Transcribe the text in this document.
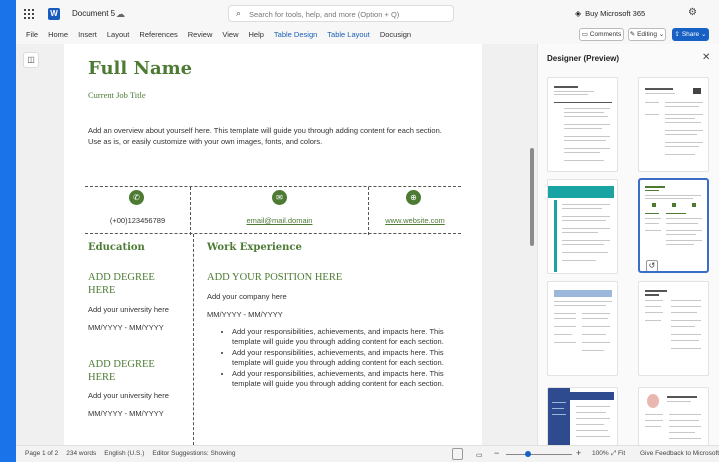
W Document 5 ☁	⌕ Search for tools, help, and more (Option + Q)	◈ Buy Microsoft 365	⚙
File Home Insert Layout References Review View Help Table Design Table Layout Docusign	▭ Comments	✎ Editing ⌄	⇪ Share ⌄
◫	Full Name
Current Job Title
Add an overview about yourself here. This template will guide you through adding content for each section. Use as is, or easily customize with your own images, fonts, and colors.
✆
(+00)123456789
✉
email@mail.domain
⊕
www.website.com
Education
ADD DEGREE HERE
Add your university here
MM/YYYY - MM/YYYY
ADD DEGREE HERE
Add your university here
MM/YYYY - MM/YYYY
Work Experience
ADD YOUR POSITION HERE
Add your company here
MM/YYYY - MM/YYYY
• Add your responsibilities, achievements, and impacts here. This template will guide you through adding content for each section.
• Add your responsibilities, achievements, and impacts here. This template will guide you through adding content for each section.
• Add your responsibilities, achievements, and impacts here. This template will guide you through adding content for each section.
Designer (Preview)	✕
↺
Page 1 of 2 234 words English (U.S.) Editor Suggestions: Showing	▭ −	+ 100% ⤢ Fit Give Feedback to Microsoft
